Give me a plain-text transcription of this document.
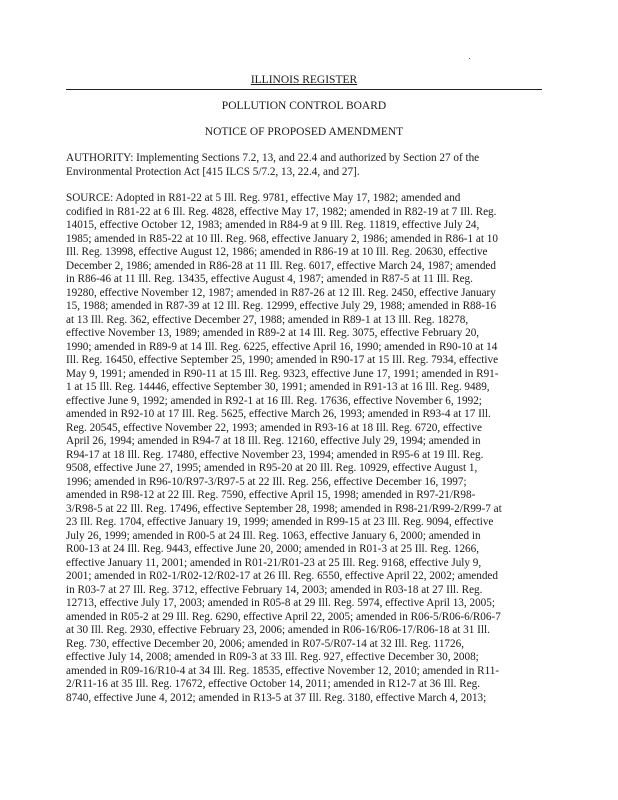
ILLINOIS REGISTER
POLLUTION CONTROL BOARD
NOTICE OF PROPOSED AMENDMENT
AUTHORITY: Implementing Sections 7.2, 13, and 22.4 and authorized by Section 27 of the
Environmental Protection Act [415 ILCS 5/7.2, 13, 22.4, and 27].
SOURCE: Adopted in R81-22 at 5 Ill. Reg. 9781, effective May 17, 1982; amended and
codified in R81-22 at 6 Ill. Reg. 4828, effective May 17, 1982; amended in R82-19 at 7 Ill. Reg.
14015, effective October 12, 1983; amended in R84-9 at 9 Ill. Reg. 11819, effective July 24,
1985; amended in R85-22 at 10 Ill. Reg. 968, effective January 2, 1986; amended in R86-1 at 10
Ill. Reg. 13998, effective August 12, 1986; amended in R86-19 at 10 Ill. Reg. 20630, effective
December 2, 1986; amended in R86-28 at 11 Ill. Reg. 6017, effective March 24, 1987; amended
in R86-46 at 11 Ill. Reg. 13435, effective August 4, 1987; amended in R87-5 at 11 Ill. Reg.
19280, effective November 12, 1987; amended in R87-26 at 12 Ill. Reg. 2450, effective January
15, 1988; amended in R87-39 at 12 Ill. Reg. 12999, effective July 29, 1988; amended in R88-16
at 13 Ill. Reg. 362, effective December 27, 1988; amended in R89-1 at 13 Ill. Reg. 18278,
effective November 13, 1989; amended in R89-2 at 14 Ill. Reg. 3075, effective February 20,
1990; amended in R89-9 at 14 Ill. Reg. 6225, effective April 16, 1990; amended in R90-10 at 14
Ill. Reg. 16450, effective September 25, 1990; amended in R90-17 at 15 Ill. Reg. 7934, effective
May 9, 1991; amended in R90-11 at 15 Ill. Reg. 9323, effective June 17, 1991; amended in R91-
1 at 15 Ill. Reg. 14446, effective September 30, 1991; amended in R91-13 at 16 Ill. Reg. 9489,
effective June 9, 1992; amended in R92-1 at 16 Ill. Reg. 17636, effective November 6, 1992;
amended in R92-10 at 17 Ill. Reg. 5625, effective March 26, 1993; amended in R93-4 at 17 Ill.
Reg. 20545, effective November 22, 1993; amended in R93-16 at 18 Ill. Reg. 6720, effective
April 26, 1994; amended in R94-7 at 18 Ill. Reg. 12160, effective July 29, 1994; amended in
R94-17 at 18 Ill. Reg. 17480, effective November 23, 1994; amended in R95-6 at 19 Ill. Reg.
9508, effective June 27, 1995; amended in R95-20 at 20 Ill. Reg. 10929, effective August 1,
1996; amended in R96-10/R97-3/R97-5 at 22 Ill. Reg. 256, effective December 16, 1997;
amended in R98-12 at 22 Ill. Reg. 7590, effective April 15, 1998; amended in R97-21/R98-
3/R98-5 at 22 Ill. Reg. 17496, effective September 28, 1998; amended in R98-21/R99-2/R99-7 at
23 Ill. Reg. 1704, effective January 19, 1999; amended in R99-15 at 23 Ill. Reg. 9094, effective
July 26, 1999; amended in R00-5 at 24 Ill. Reg. 1063, effective January 6, 2000; amended in
R00-13 at 24 Ill. Reg. 9443, effective June 20, 2000; amended in R01-3 at 25 Ill. Reg. 1266,
effective January 11, 2001; amended in R01-21/R01-23 at 25 Ill. Reg. 9168, effective July 9,
2001; amended in R02-1/R02-12/R02-17 at 26 Ill. Reg. 6550, effective April 22, 2002; amended
in R03-7 at 27 Ill. Reg. 3712, effective February 14, 2003; amended in R03-18 at 27 Ill. Reg.
12713, effective July 17, 2003; amended in R05-8 at 29 Ill. Reg. 5974, effective April 13, 2005;
amended in R05-2 at 29 Ill. Reg. 6290, effective April 22, 2005; amended in R06-5/R06-6/R06-7
at 30 Ill. Reg. 2930, effective February 23, 2006; amended in R06-16/R06-17/R06-18 at 31 Ill.
Reg. 730, effective December 20, 2006; amended in R07-5/R07-14 at 32 Ill. Reg. 11726,
effective July 14, 2008; amended in R09-3 at 33 Ill. Reg. 927, effective December 30, 2008;
amended in R09-16/R10-4 at 34 Ill. Reg. 18535, effective November 12, 2010; amended in R11-
2/R11-16 at 35 Ill. Reg. 17672, effective October 14, 2011; amended in R12-7 at 36 Ill. Reg.
8740, effective June 4, 2012; amended in R13-5 at 37 Ill. Reg. 3180, effective March 4, 2013;
